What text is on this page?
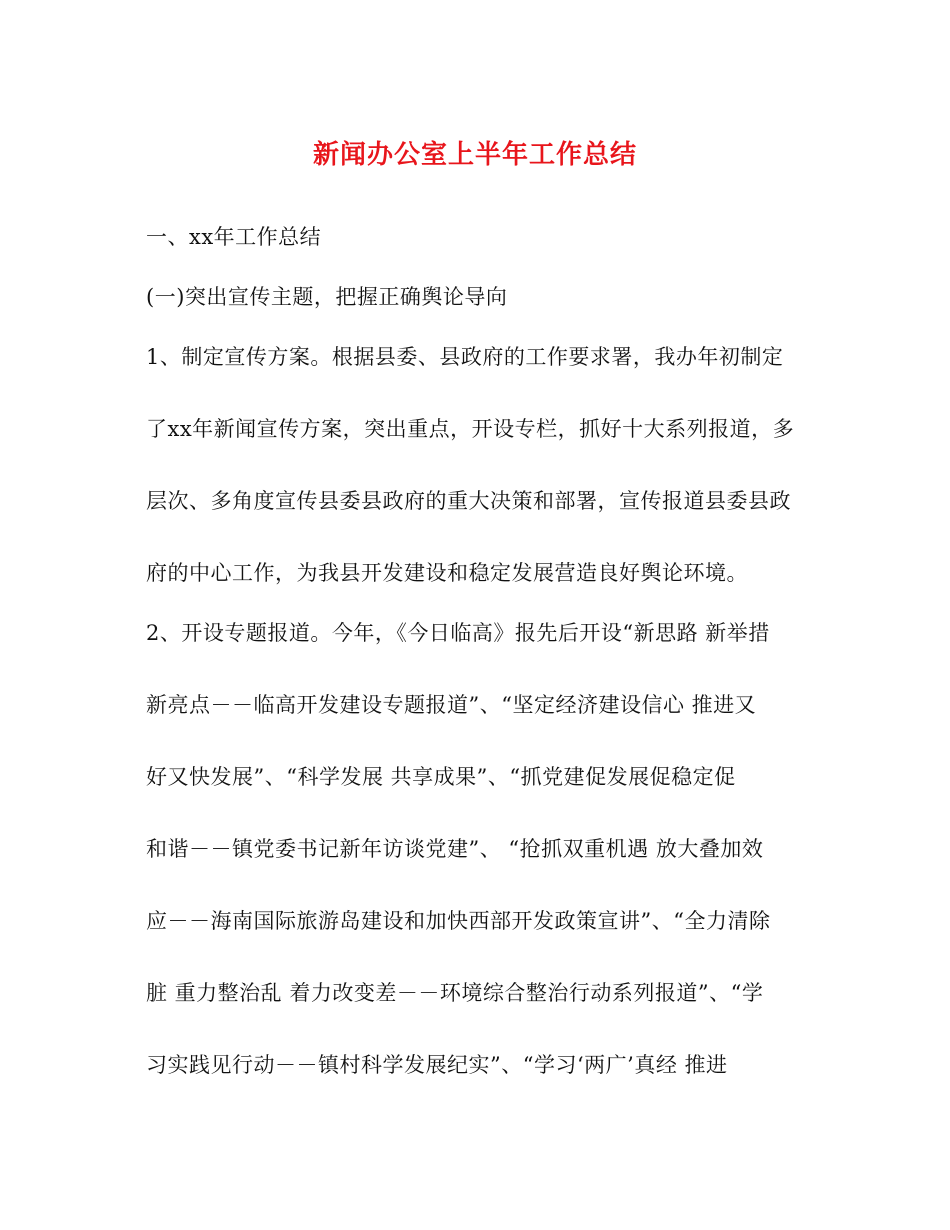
新闻办公室上半年工作总结
一、xx年工作总结
(一)突出宣传主题，把握正确舆论导向
1、制定宣传方案。根据县委、县政府的工作要求署，我办年初制定
了xx年新闻宣传方案，突出重点，开设专栏，抓好十大系列报道，多
层次、多角度宣传县委县政府的重大决策和部署，宣传报道县委县政
府的中心工作，为我县开发建设和稳定发展营造良好舆论环境。
2、开设专题报道。今年，《今日临高》报先后开设“新思路 新举措
新亮点－－临高开发建设专题报道”、“坚定经济建设信心 推进又
好又快发展”、“科学发展 共享成果”、“抓党建促发展促稳定促
和谐－－镇党委书记新年访谈党建”、 “抢抓双重机遇 放大叠加效
应－－海南国际旅游岛建设和加快西部开发政策宣讲”、“全力清除
脏 重力整治乱 着力改变差－－环境综合整治行动系列报道”、“学
习实践见行动－－镇村科学发展纪实”、“学习‘两广’真经 推进
